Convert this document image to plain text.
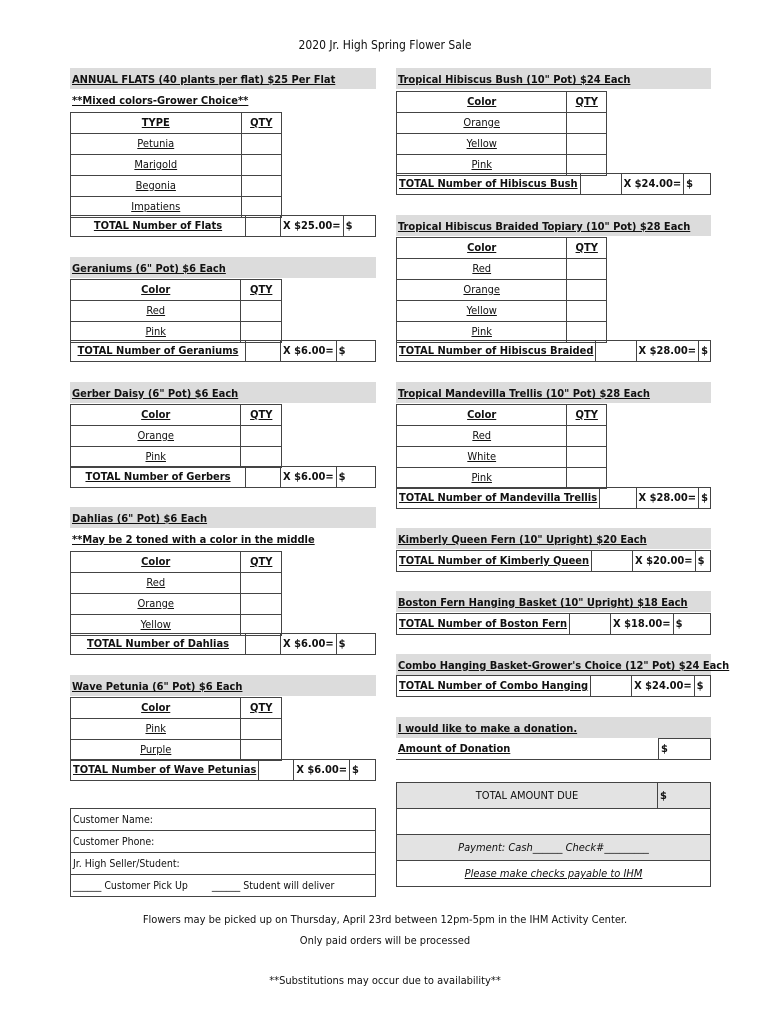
2020 Jr. High Spring Flower Sale
ANNUAL FLATS (40 plants per flat) $25 Per Flat
**Mixed colors-Grower Choice**
TYPE	QTY
Petunia	
Marigold	
Begonia	
Impatiens	
TOTAL Number of Flats		X $25.00=	$
Geraniums (6" Pot) $6 Each
Color	QTY
Red	
Pink	
TOTAL Number of Geraniums		X $6.00=	$
Gerber Daisy (6" Pot) $6 Each
Color	QTY
Orange	
Pink	
TOTAL Number of Gerbers		X $6.00=	$
Dahlias (6" Pot) $6 Each
**May be 2 toned with a color in the middle
Color	QTY
Red	
Orange	
Yellow	
TOTAL Number of Dahlias		X $6.00=	$
Wave Petunia (6" Pot) $6 Each
Color	QTY
Pink	
Purple	
TOTAL Number of Wave Petunias		X $6.00=	$
Customer Name:
Customer Phone:
Jr. High Seller/Student:
______ Customer Pick Up ______ Student will deliver
Tropical Hibiscus Bush (10" Pot) $24 Each
Color	QTY
Orange	
Yellow	
Pink	
TOTAL Number of Hibiscus Bush		X $24.00=	$
Tropical Hibiscus Braided Topiary (10" Pot) $28 Each
Color	QTY
Red	
Orange	
Yellow	
Pink	
TOTAL Number of Hibiscus Braided		X $28.00=	$
Tropical Mandevilla Trellis (10" Pot) $28 Each
Color	QTY
Red	
White	
Pink	
TOTAL Number of Mandevilla Trellis		X $28.00=	$
Kimberly Queen Fern (10" Upright) $20 Each
TOTAL Number of Kimberly Queen		X $20.00=	$
Boston Fern Hanging Basket (10" Upright) $18 Each
TOTAL Number of Boston Fern		X $18.00=	$
Combo Hanging Basket-Grower's Choice (12" Pot) $24 Each
TOTAL Number of Combo Hanging		X $24.00=	$
I would like to make a donation.
Amount of Donation	$
TOTAL AMOUNT DUE	$

Payment: Cash______ Check#_________
Please make checks payable to IHM
Flowers may be picked up on Thursday, April 23rd between 12pm-5pm in the IHM Activity Center.
Only paid orders will be processed
**Substitutions may occur due to availability**
